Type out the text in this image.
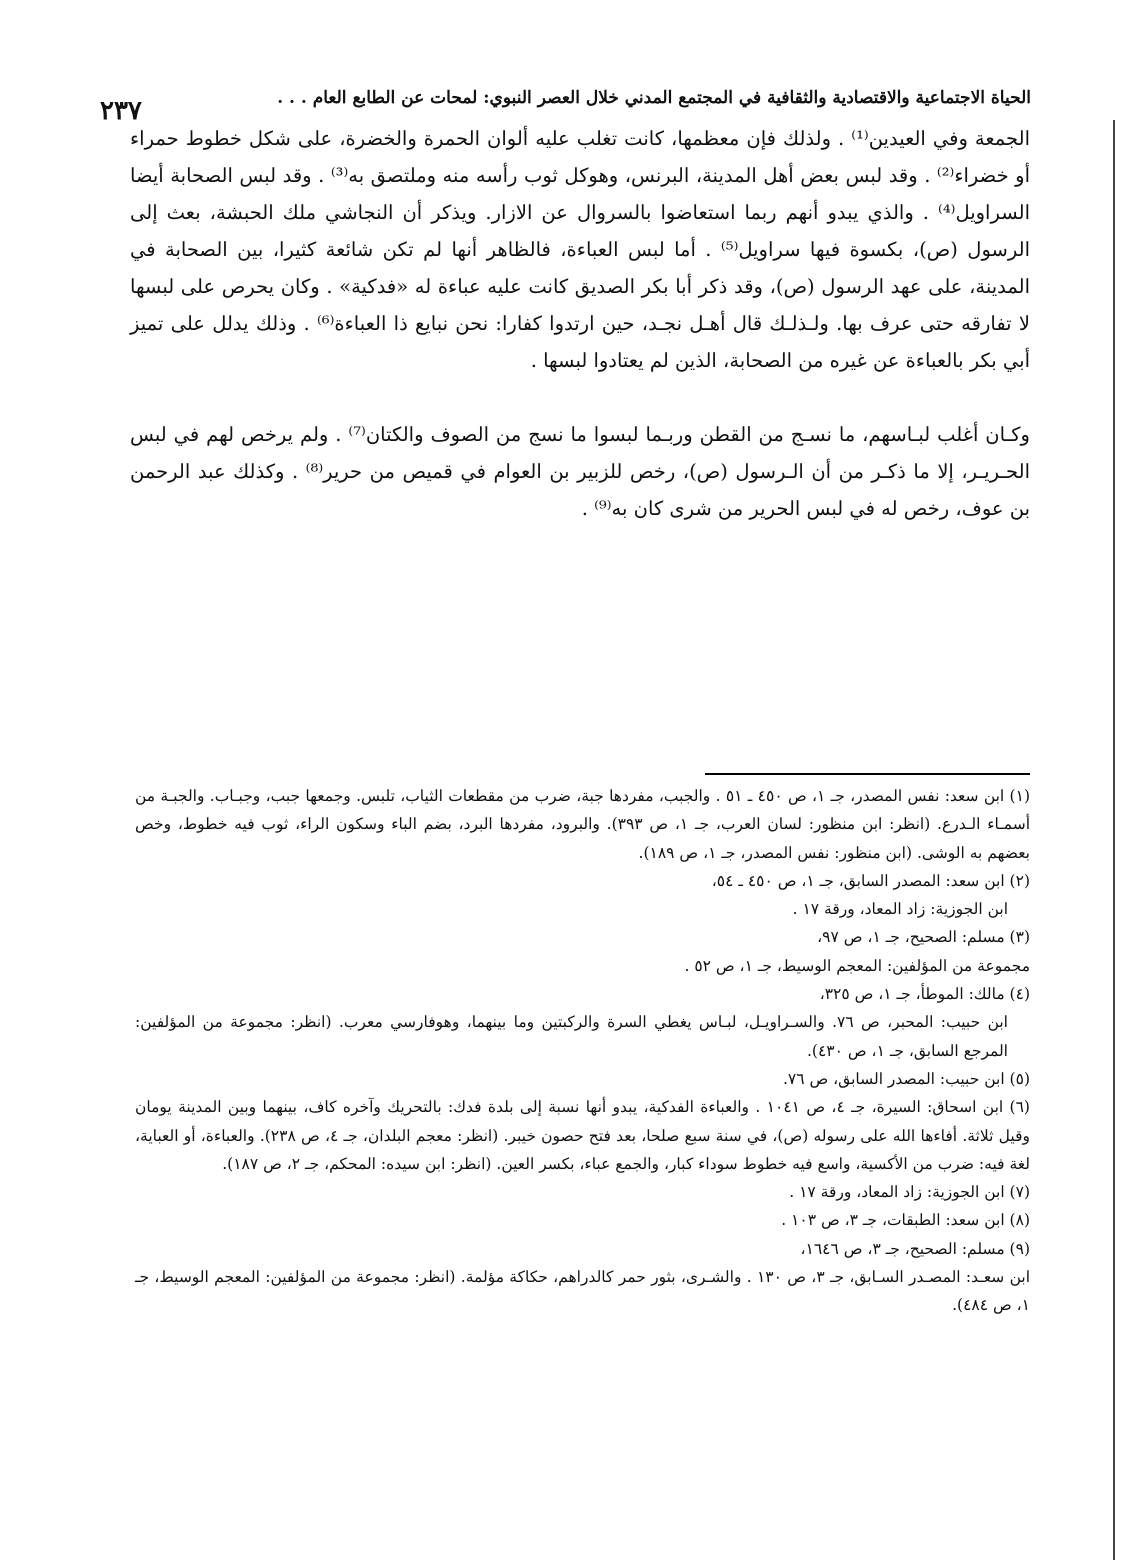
الحياة الاجتماعية والاقتصادية والثقافية في المجتمع المدني خلال العصر النبوي: لمحات عن الطابع العام . . .
٢٣٧

الجمعة وفي العيدين⁽¹⁾ . ولذلك فإن معظمها، كانت تغلب عليه ألوان الحمرة والخضرة، على شكل خطوط حمراء أو خضراء⁽²⁾ . وقد لبس بعض أهل المدينة، البرنس، وهوكل ثوب رأسه منه وملتصق به⁽³⁾ . وقد لبس الصحابة أيضا السراويل⁽⁴⁾ . والذي يبدو أنهم ربما استعاضوا بالسروال عن الازار. ويذكر أن النجاشي ملك الحبشة، بعث إلى الرسول (ص)، بكسوة فيها سراويل⁽⁵⁾ . أما لبس العباءة، فالظاهر أنها لم تكن شائعة كثيرا، بين الصحابة في المدينة، على عهد الرسول (ص)، وقد ذكر أبا بكر الصديق كانت عليه عباءة له «فدكية» . وكان يحرص على لبسها لا تفارقه حتى عرف بها. ولـذلـك قال أهـل نجـد، حين ارتدوا كفارا: نحن نبايع ذا العباءة⁽⁶⁾ . وذلك يدلل على تميز أبي بكر بالعباءة عن غيره من الصحابة، الذين لم يعتادوا لبسها .

وكـان أغلب لبـاسهم، ما نسـج من القطن وربـما لبسوا ما نسج من الصوف والكتان⁽⁷⁾ . ولم يرخص لهم في لبس الحـريـر، إلا ما ذكـر من أن الـرسول (ص)، رخص للزبير بن العوام في قميص من حرير⁽⁸⁾ . وكذلك عبد الرحمن بن عوف، رخص له في لبس الحرير من شرى كان به⁽⁹⁾ .

(١) ابن سعد: نفس المصدر، جـ ١، ص ٤٥٠ ـ ٥١ . والجبب، مفردها جبة، ضرب من مقطعات الثياب، تلبس. وجمعها جبب، وجبـاب. والجبـة من أسمـاء الـدرع. (انظر: ابن منظور: لسان العرب، جـ ١، ص ٣٩٣). والبرود، مفردها البرد، بضم الباء وسكون الراء، ثوب فيه خطوط، وخص بعضهم به الوشى. (ابن منظور: نفس المصدر، جـ ١، ص ١٨٩).

(٢) ابن سعد: المصدر السابق، جـ ١، ص ٤٥٠ ـ ٥٤،

ابن الجوزية: زاد المعاد، ورقة ١٧ .

(٣) مسلم: الصحيح، جـ ١، ص ٩٧،

مجموعة من المؤلفين: المعجم الوسيط، جـ ١، ص ٥٢ .

(٤) مالك: الموطأ، جـ ١، ص ٣٢٥،

ابن حبيب: المحبر، ص ٧٦. والسـراويـل، لبـاس يغطي السرة والركبتين وما بينهما، وهوفارسي معرب. (انظر: مجموعة من المؤلفين: المرجع السابق، جـ ١، ص ٤٣٠).

(٥) ابن حبيب: المصدر السابق، ص ٧٦.

(٦) ابن اسحاق: السيرة، جـ ٤، ص ١٠٤١ . والعباءة الفدكية، يبدو أنها نسبة إلى بلدة فدك: بالتحريك وآخره كاف، بينهما وبين المدينة يومان وقيل ثلاثة. أفاءها الله على رسوله (ص)، في سنة سبع صلحا، بعد فتح حصون خيبر. (انظر: معجم البلدان، جـ ٤، ص ٢٣٨). والعباءة، أو العباية، لغة فيه: ضرب من الأكسية، واسع فيه خطوط سوداء كبار، والجمع عباء، بكسر العين. (انظر: ابن سيده: المحكم، جـ ٢، ص ١٨٧).

(٧) ابن الجوزية: زاد المعاد، ورقة ١٧ .

(٨) ابن سعد: الطبقات، جـ ٣، ص ١٠٣ .

(٩) مسلم: الصحيح، جـ ٣، ص ١٦٤٦،

ابن سعـد: المصـدر السـابق، جـ ٣، ص ١٣٠ . والشـرى، بثور حمر كالدراهم، حكاكة مؤلمة. (انظر: مجموعة من المؤلفين: المعجم الوسيط، جـ ١، ص ٤٨٤).
